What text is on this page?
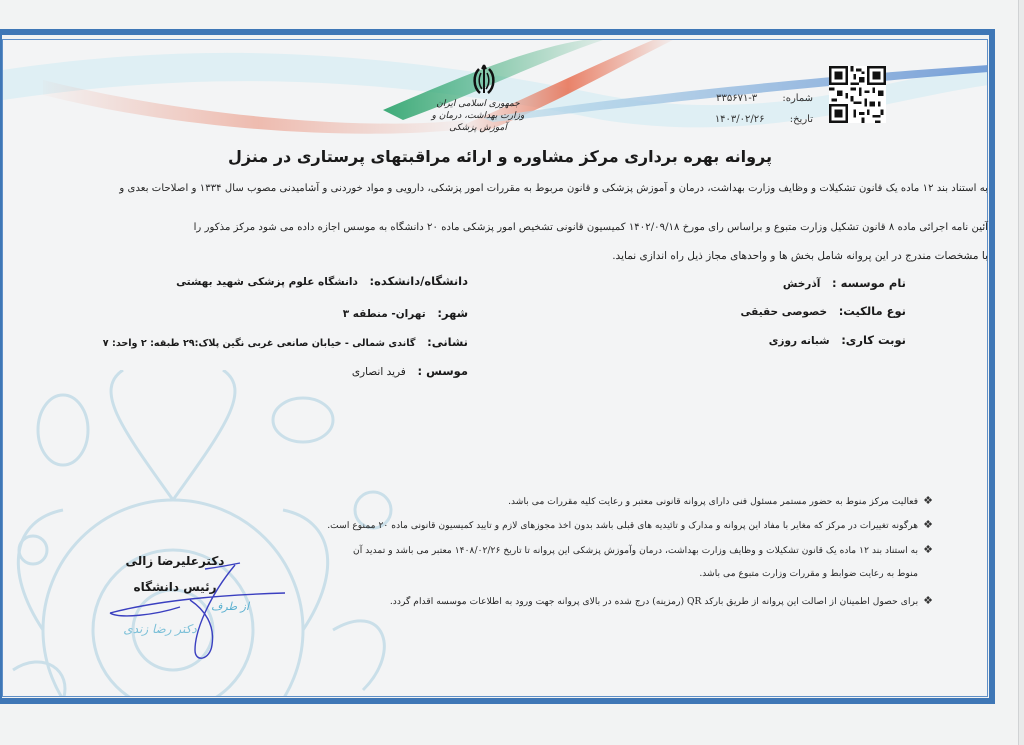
جمهوری اسلامی ایران
وزارت بهداشت، درمان و آموزش پزشکی
شماره: ۳-۳۳۵۶۷۱
تاریخ: ۱۴۰۳/۰۲/۲۶
پروانه بهره برداری مرکز مشاوره و ارائه مراقبتهای پرستاری در منزل
به استناد بند ۱۲ ماده یک قانون تشکیلات و وظایف وزارت بهداشت، درمان و آموزش پزشکی و قانون مربوط به مقررات امور پزشکی، دارویی و مواد خوردنی و آشامیدنی مصوب سال ۱۳۳۴ و اصلاحات بعدی و
آئین نامه اجرائی ماده ۸ قانون تشکیل وزارت متبوع و براساس رای مورخ ۱۴۰۲/۰۹/۱۸ کمیسیون قانونی تشخیص امور پزشکی ماده ۲۰ دانشگاه به موسس اجازه داده می شود مرکز مذکور را
با مشخصات مندرج در این پروانه شامل بخش ها و واحدهای مجاز ذیل راه اندازی نماید.
نام موسسه : آذرخش
نوع مالکیت: خصوصی حقیقی
نوبت کاری: شبانه روزی
دانشگاه/دانشکده: دانشگاه علوم پزشکی شهید بهشتی
شهر: تهران- منطقه ۳
نشانی: گاندی شمالی - خیابان صانعی غربی نگین پلاک:۲۹ طبقه: ۲ واحد: ۷
موسس : فرید انصاری
❖فعالیت مرکز منوط به حضور مستمر مسئول فنی دارای پروانه قانونی معتبر و رعایت کلیه مقررات می باشد.
❖هرگونه تغییرات در مرکز که مغایر با مفاد این پروانه و مدارک و تائیدیه های قبلی باشد بدون اخذ مجوزهای لازم و تایید کمیسیون قانونی ماده ۲۰ ممنوع است.
❖به استناد بند ۱۲ ماده یک قانون تشکیلات و وظایف وزارت بهداشت، درمان وآموزش پزشکی این پروانه تا تاریخ ۱۴۰۸/۰۲/۲۶ معتبر می باشد و تمدید آن
منوط به رعایت ضوابط و مقررات وزارت متبوع می باشد.
❖برای حصول اطمینان از اصالت این پروانه از طریق بارکد QR (رمزینه) درج شده در بالای پروانه جهت ورود به اطلاعات موسسه اقدام گردد.
دکترعلیرضا زالی
رئیس دانشگاه
از طرف
دکتر رضا زندی
